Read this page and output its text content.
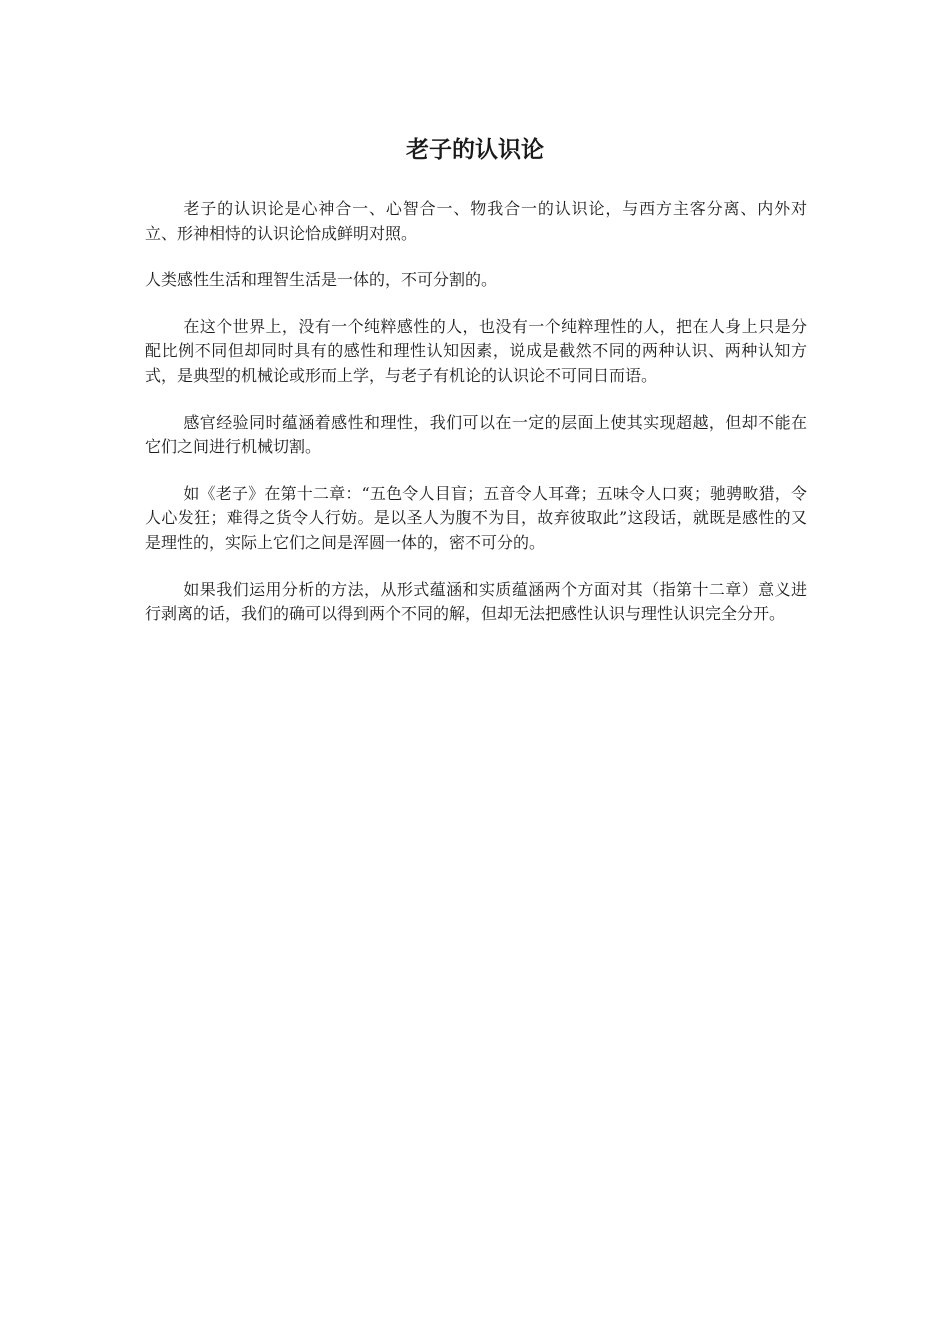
老子的认识论

老子的认识论是心神合一、心智合一、物我合一的认识论，与西方主客分离、内外对立、形神相恃的认识论恰成鲜明对照。

人类感性生活和理智生活是一体的，不可分割的。

在这个世界上，没有一个纯粹感性的人，也没有一个纯粹理性的人，把在人身上只是分配比例不同但却同时具有的感性和理性认知因素，说成是截然不同的两种认识、两种认知方式，是典型的机械论或形而上学，与老子有机论的认识论不可同日而语。

感官经验同时蕴涵着感性和理性，我们可以在一定的层面上使其实现超越，但却不能在它们之间进行机械切割。

如《老子》在第十二章：“五色令人目盲；五音令人耳聋；五味令人口爽；驰骋畋猎，令人心发狂；难得之货令人行妨。是以圣人为腹不为目，故弃彼取此”这段话，就既是感性的又是理性的，实际上它们之间是浑圆一体的，密不可分的。

如果我们运用分析的方法，从形式蕴涵和实质蕴涵两个方面对其（指第十二章）意义进行剥离的话，我们的确可以得到两个不同的解，但却无法把感性认识与理性认识完全分开。
